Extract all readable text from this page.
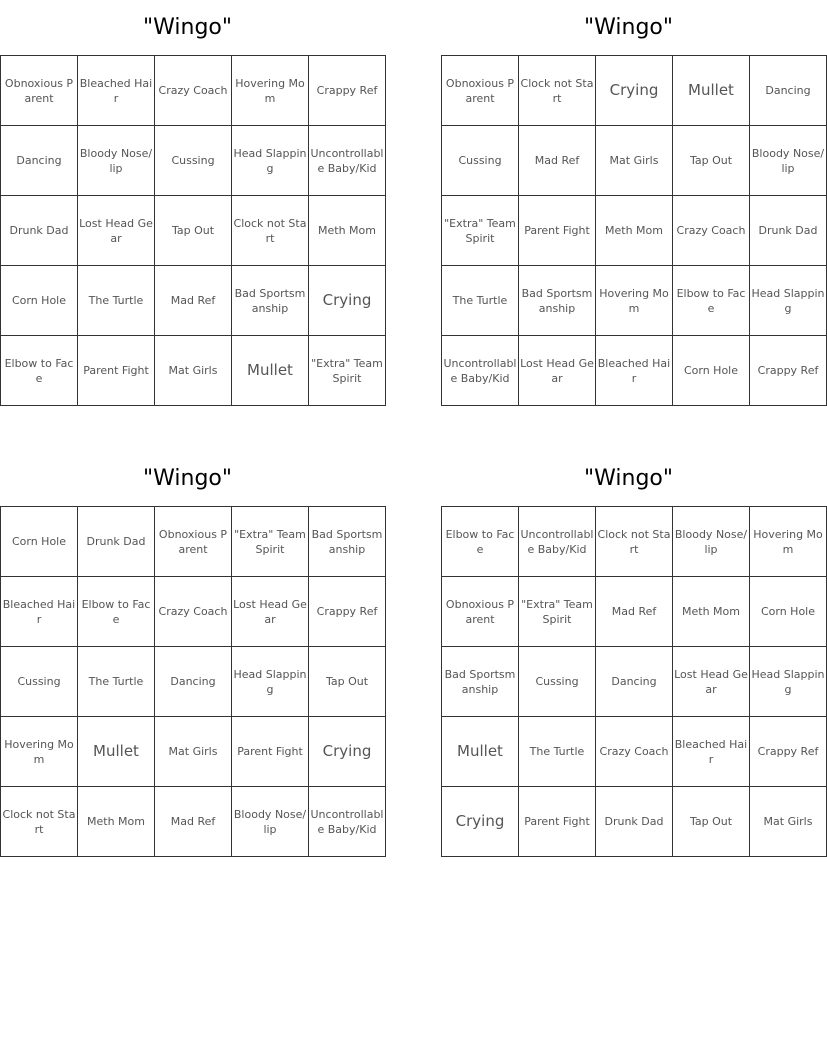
"Wingo"
Obnoxious Parent	Bleached Hair	Crazy Coach	Hovering Mom	Crappy Ref
Dancing	Bloody Nose/lip	Cussing	Head Slapping	Uncontrollable Baby/Kid
Drunk Dad	Lost Head Gear	Tap Out	Clock not Start	Meth Mom
Corn Hole	The Turtle	Mad Ref	Bad Sportsmanship	Crying
Elbow to Face	Parent Fight	Mat Girls	Mullet	"Extra" Team Spirit
"Wingo"
Obnoxious Parent	Clock not Start	Crying	Mullet	Dancing
Cussing	Mad Ref	Mat Girls	Tap Out	Bloody Nose/lip
"Extra" Team Spirit	Parent Fight	Meth Mom	Crazy Coach	Drunk Dad
The Turtle	Bad Sportsmanship	Hovering Mom	Elbow to Face	Head Slapping
Uncontrollable Baby/Kid	Lost Head Gear	Bleached Hair	Corn Hole	Crappy Ref
"Wingo"
Corn Hole	Drunk Dad	Obnoxious Parent	"Extra" Team Spirit	Bad Sportsmanship
Bleached Hair	Elbow to Face	Crazy Coach	Lost Head Gear	Crappy Ref
Cussing	The Turtle	Dancing	Head Slapping	Tap Out
Hovering Mom	Mullet	Mat Girls	Parent Fight	Crying
Clock not Start	Meth Mom	Mad Ref	Bloody Nose/lip	Uncontrollable Baby/Kid
"Wingo"
Elbow to Face	Uncontrollable Baby/Kid	Clock not Start	Bloody Nose/lip	Hovering Mom
Obnoxious Parent	"Extra" Team Spirit	Mad Ref	Meth Mom	Corn Hole
Bad Sportsmanship	Cussing	Dancing	Lost Head Gear	Head Slapping
Mullet	The Turtle	Crazy Coach	Bleached Hair	Crappy Ref
Crying	Parent Fight	Drunk Dad	Tap Out	Mat Girls
